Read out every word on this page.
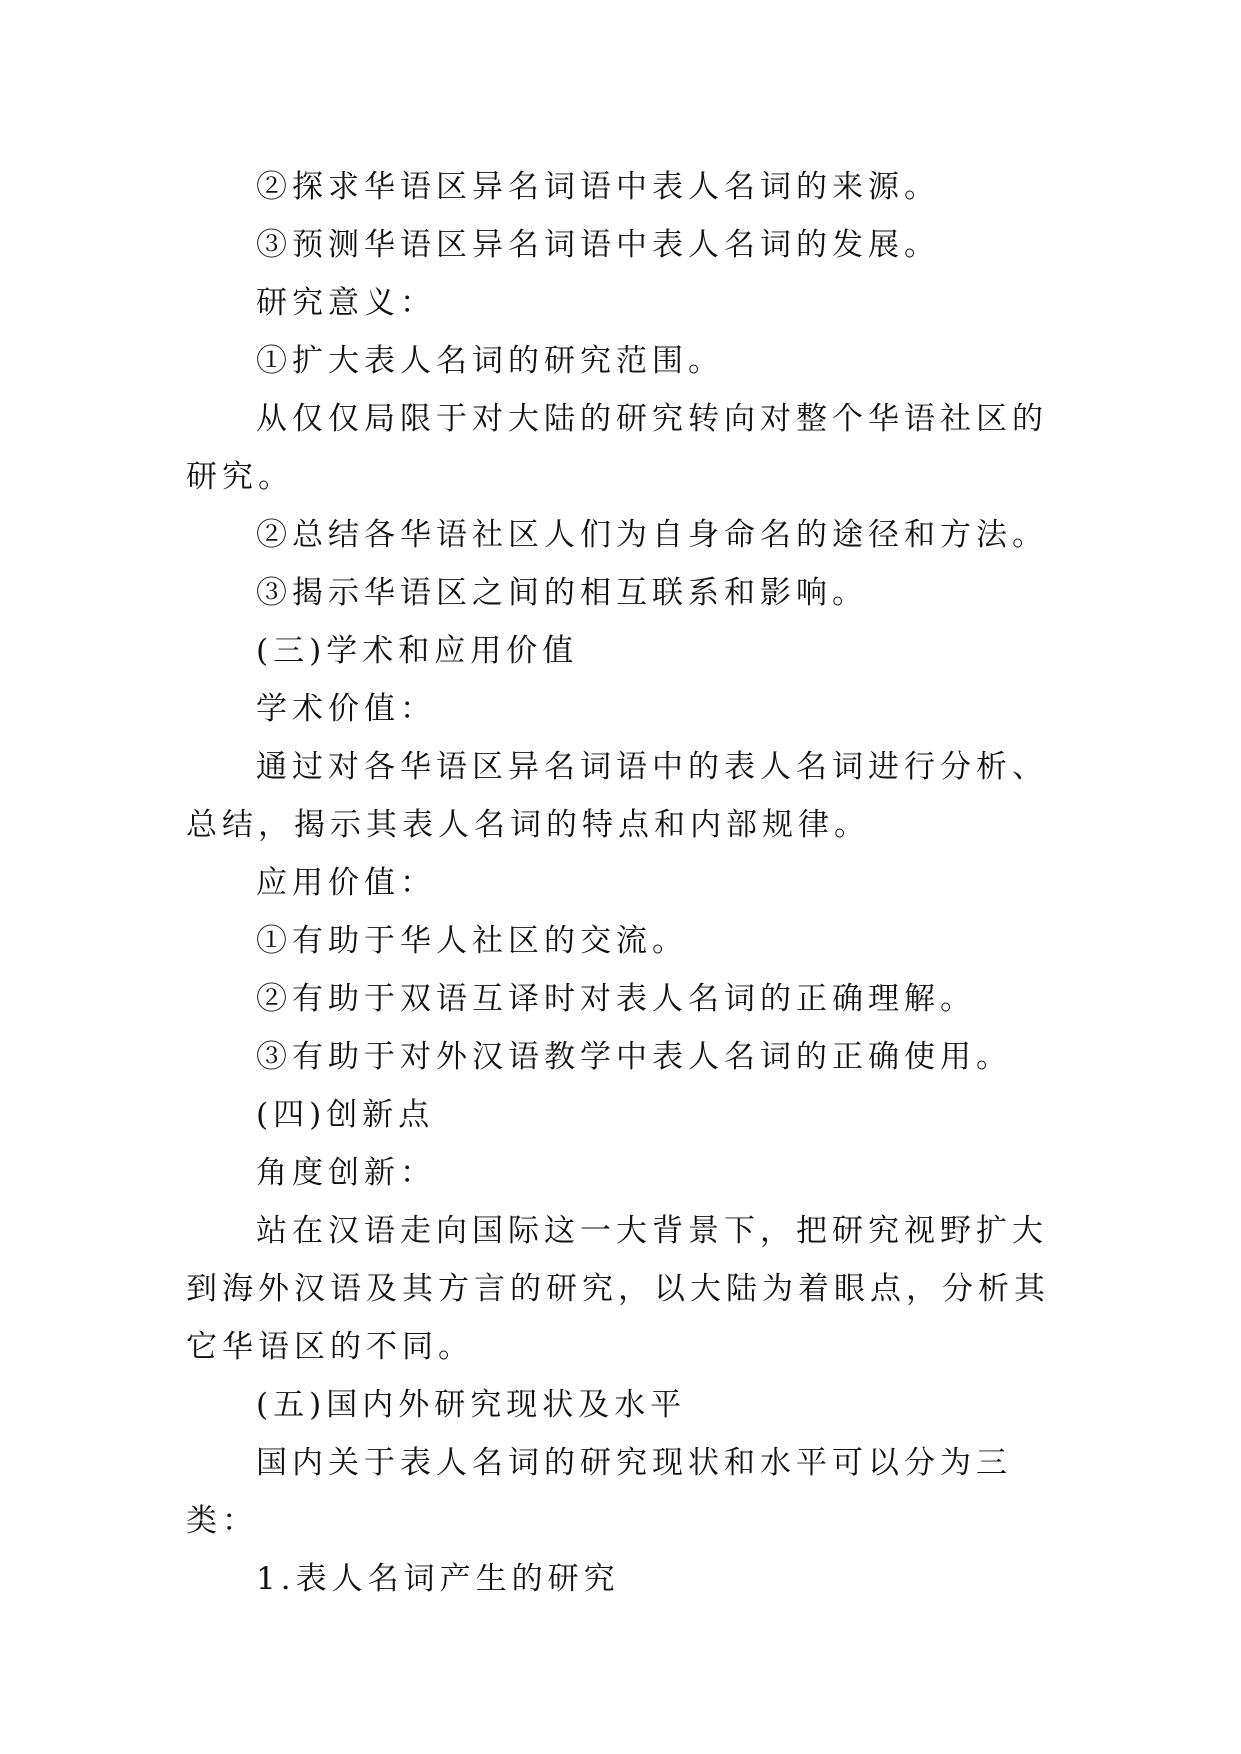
②探求华语区异名词语中表人名词的来源。

③预测华语区异名词语中表人名词的发展。

研究意义：

①扩大表人名词的研究范围。

从仅仅局限于对大陆的研究转向对整个华语社区的研究。

②总结各华语社区人们为自身命名的途径和方法。

③揭示华语区之间的相互联系和影响。

(三)学术和应用价值

学术价值：

通过对各华语区异名词语中的表人名词进行分析、总结，揭示其表人名词的特点和内部规律。

应用价值：

①有助于华人社区的交流。

②有助于双语互译时对表人名词的正确理解。

③有助于对外汉语教学中表人名词的正确使用。

(四)创新点

角度创新：

站在汉语走向国际这一大背景下，把研究视野扩大到海外汉语及其方言的研究，以大陆为着眼点，分析其它华语区的不同。

(五)国内外研究现状及水平

国内关于表人名词的研究现状和水平可以分为三类：

1.表人名词产生的研究
